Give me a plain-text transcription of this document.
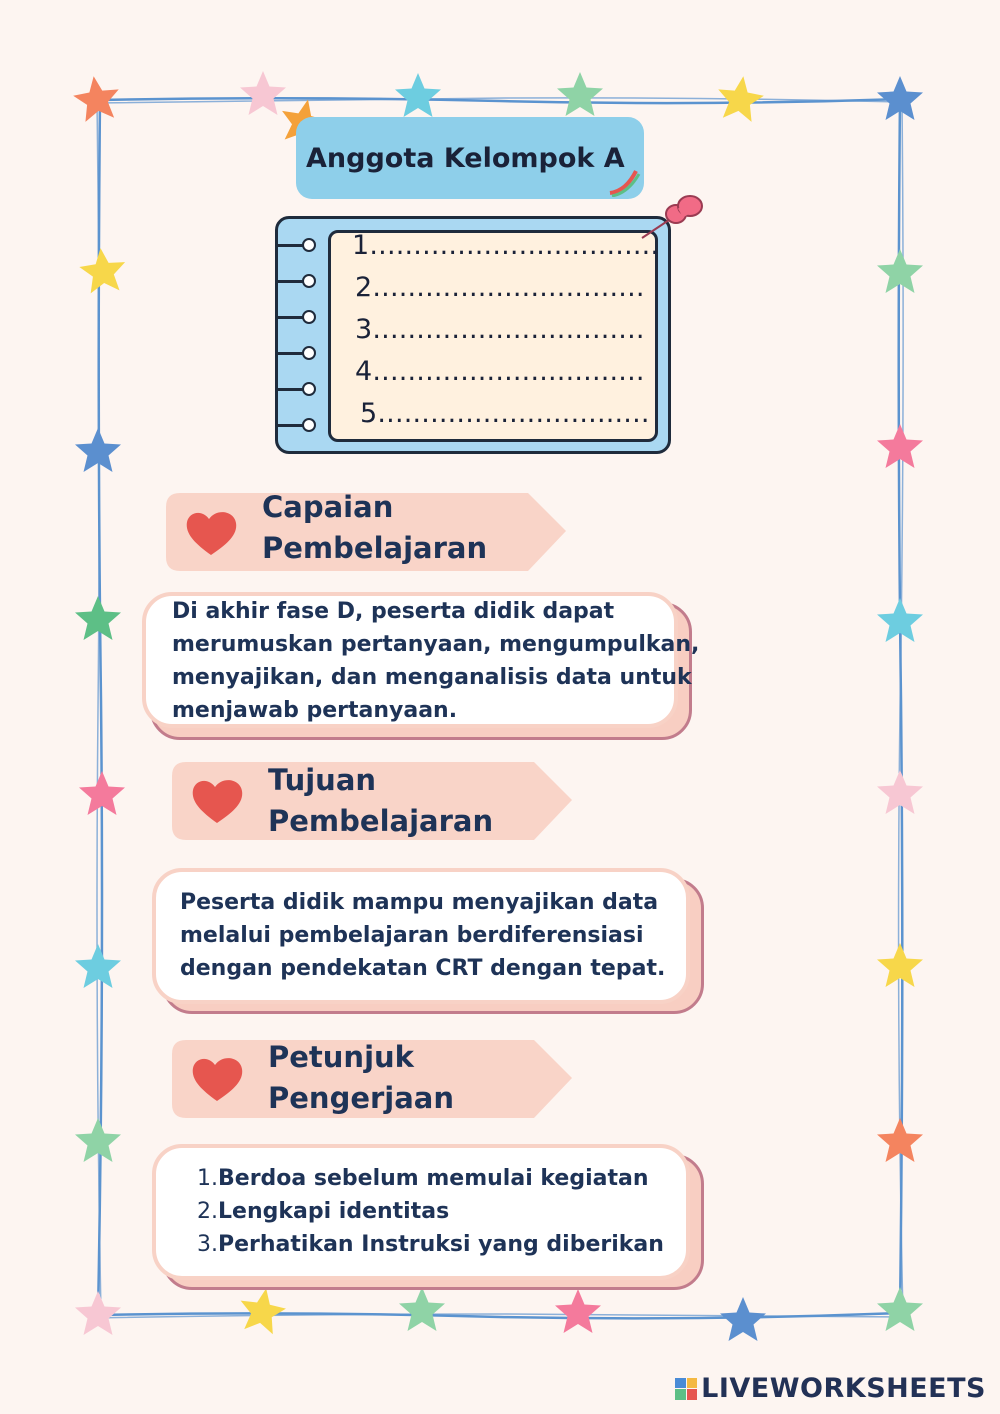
Anggota Kelompok A
1.................................
2...............................
3...............................
4...............................
5...............................
Capaian
Pembelajaran
Di akhir fase D, peserta didik dapat
merumuskan pertanyaan, mengumpulkan,
menyajikan, dan menganalisis data untuk
menjawab pertanyaan.
Tujuan
Pembelajaran
Peserta didik mampu menyajikan data
melalui pembelajaran berdiferensiasi
dengan pendekatan CRT dengan tepat.
Petunjuk
Pengerjaan
1. Berdoa sebelum memulai kegiatan
2. Lengkapi identitas
3. Perhatikan Instruksi yang diberikan
LIVEWORKSHEETS
